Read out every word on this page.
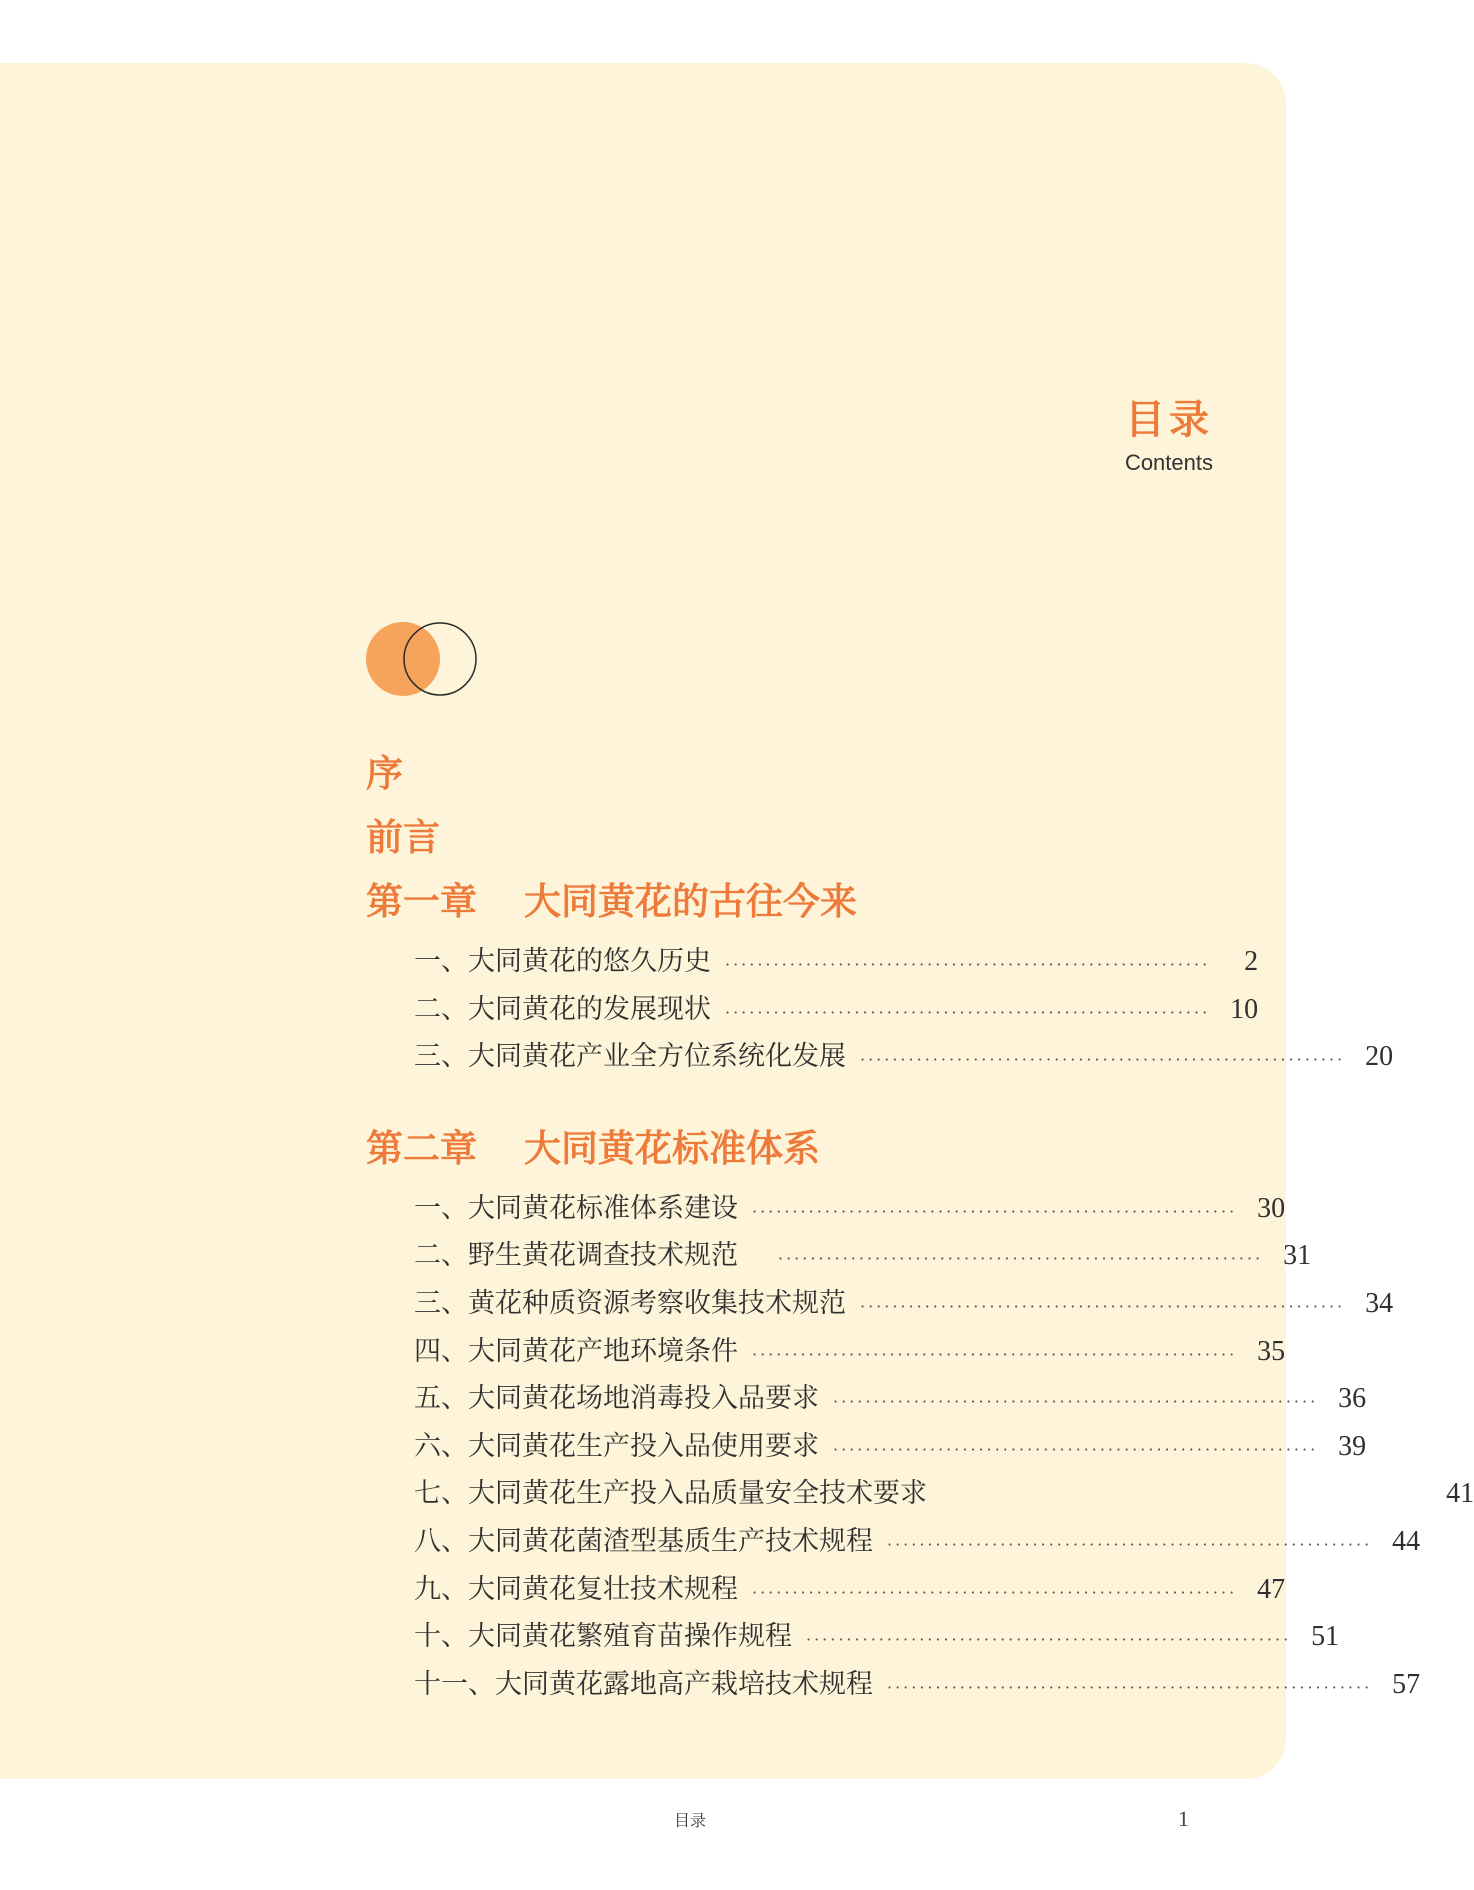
目录
Contents
序
前言
第一章 大同黄花的古往今来
一、大同黄花的悠久历史 ····························································	2
二、大同黄花的发展现状 ···························································· 10
三、大同黄花产业全方位系统化发展 ···························································· 20
第二章 大同黄花标准体系
一、大同黄花标准体系建设 ···························································· 30
二、野生黄花调查技术规范	···························································· 31
三、黄花种质资源考察收集技术规范 ···························································· 34
四、大同黄花产地环境条件 ···························································· 35
五、大同黄花场地消毒投入品要求 ···························································· 36
六、大同黄花生产投入品使用要求 ···························································· 39
七、大同黄花生产投入品质量安全技术要求	41
八、大同黄花菌渣型基质生产技术规程 ···························································· 44
九、大同黄花复壮技术规程 ···························································· 47
十、大同黄花繁殖育苗操作规程 ···························································· 51
十一、大同黄花露地高产栽培技术规程 ···························································· 57
目录	1
